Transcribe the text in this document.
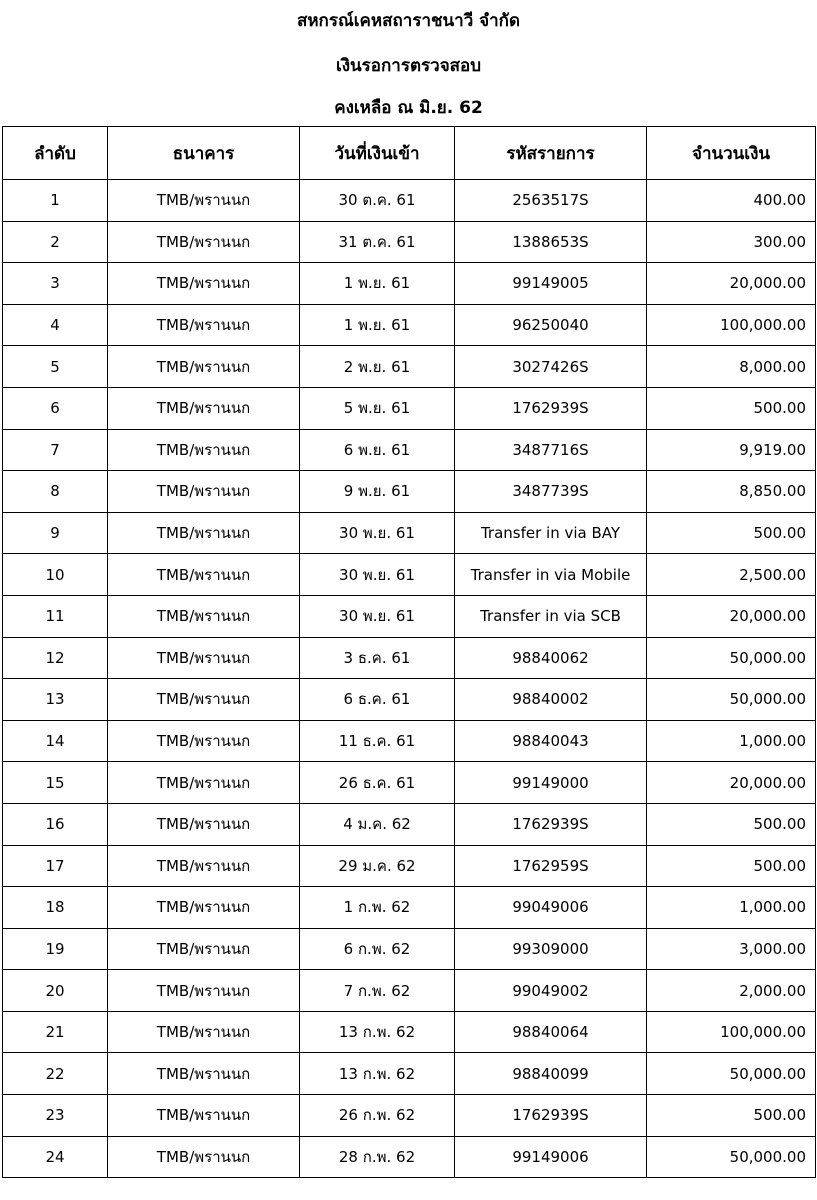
สหกรณ์เคหสถาราชนาวี จำกัด
เงินรอการตรวจสอบ
คงเหลือ ณ มิ.ย. 62
ลำดับ	ธนาคาร	วันที่เงินเข้า	รหัสรายการ	จำนวนเงิน
1	TMB/พรานนก	30 ต.ค. 61	2563517S	400.00
2	TMB/พรานนก	31 ต.ค. 61	1388653S	300.00
3	TMB/พรานนก	1 พ.ย. 61	99149005	20,000.00
4	TMB/พรานนก	1 พ.ย. 61	96250040	100,000.00
5	TMB/พรานนก	2 พ.ย. 61	3027426S	8,000.00
6	TMB/พรานนก	5 พ.ย. 61	1762939S	500.00
7	TMB/พรานนก	6 พ.ย. 61	3487716S	9,919.00
8	TMB/พรานนก	9 พ.ย. 61	3487739S	8,850.00
9	TMB/พรานนก	30 พ.ย. 61	Transfer in via BAY	500.00
10	TMB/พรานนก	30 พ.ย. 61	Transfer in via Mobile	2,500.00
11	TMB/พรานนก	30 พ.ย. 61	Transfer in via SCB	20,000.00
12	TMB/พรานนก	3 ธ.ค. 61	98840062	50,000.00
13	TMB/พรานนก	6 ธ.ค. 61	98840002	50,000.00
14	TMB/พรานนก	11 ธ.ค. 61	98840043	1,000.00
15	TMB/พรานนก	26 ธ.ค. 61	99149000	20,000.00
16	TMB/พรานนก	4 ม.ค. 62	1762939S	500.00
17	TMB/พรานนก	29 ม.ค. 62	1762959S	500.00
18	TMB/พรานนก	1 ก.พ. 62	99049006	1,000.00
19	TMB/พรานนก	6 ก.พ. 62	99309000	3,000.00
20	TMB/พรานนก	7 ก.พ. 62	99049002	2,000.00
21	TMB/พรานนก	13 ก.พ. 62	98840064	100,000.00
22	TMB/พรานนก	13 ก.พ. 62	98840099	50,000.00
23	TMB/พรานนก	26 ก.พ. 62	1762939S	500.00
24	TMB/พรานนก	28 ก.พ. 62	99149006	50,000.00
